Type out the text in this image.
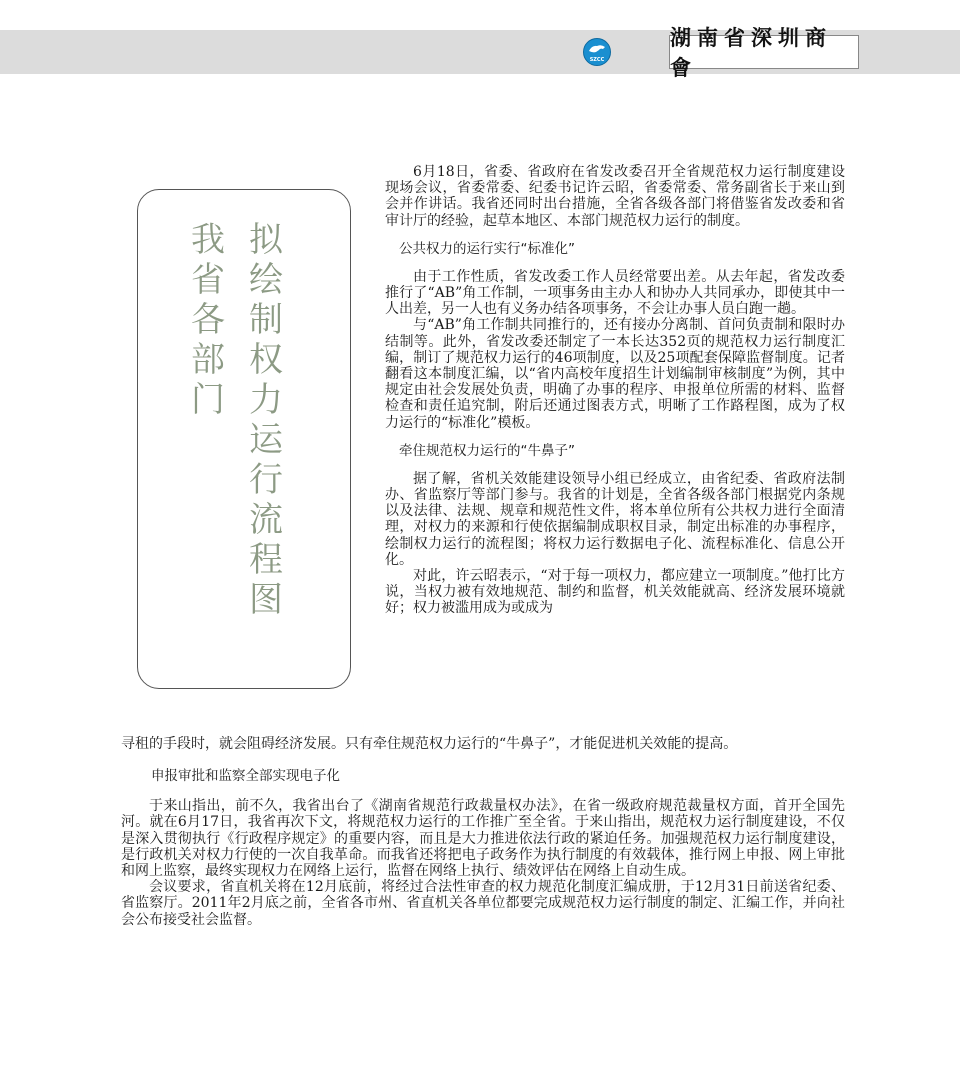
SZCC
湖南省深圳商會
我省各部门
拟绘制权力运行流程图

6月18日，省委、省政府在省发改委召开全省规范权力运行制度建设现场会议，省委常委、纪委书记许云昭，省委常委、常务副省长于来山到会并作讲话。我省还同时出台措施，全省各级各部门将借鉴省发改委和省审计厅的经验，起草本地区、本部门规范权力运行的制度。

公共权力的运行实行“标准化”

由于工作性质，省发改委工作人员经常要出差。从去年起，省发改委推行了“AB”角工作制，一项事务由主办人和协办人共同承办，即使其中一人出差，另一人也有义务办结各项事务，不会让办事人员白跑一趟。

与“AB”角工作制共同推行的，还有接办分离制、首问负责制和限时办结制等。此外，省发改委还制定了一本长达352页的规范权力运行制度汇编，制订了规范权力运行的46项制度，以及25项配套保障监督制度。记者翻看这本制度汇编，以“省内高校年度招生计划编制审核制度”为例，其中规定由社会发展处负责，明确了办事的程序、申报单位所需的材料、监督检查和责任追究制，附后还通过图表方式，明晰了工作路程图，成为了权力运行的“标准化”模板。

牵住规范权力运行的“牛鼻子”

据了解，省机关效能建设领导小组已经成立，由省纪委、省政府法制办、省监察厅等部门参与。我省的计划是，全省各级各部门根据党内条规以及法律、法规、规章和规范性文件，将本单位所有公共权力进行全面清理，对权力的来源和行使依据编制成职权目录，制定出标准的办事程序，绘制权力运行的流程图；将权力运行数据电子化、流程标准化、信息公开化。

对此，许云昭表示，“对于每一项权力，都应建立一项制度。”他打比方说，当权力被有效地规范、制约和监督，机关效能就高、经济发展环境就好；权力被滥用成为或成为

寻租的手段时，就会阻碍经济发展。只有牵住规范权力运行的“牛鼻子”，才能促进机关效能的提高。

申报审批和监察全部实现电子化

于来山指出，前不久，我省出台了《湖南省规范行政裁量权办法》，在省一级政府规范裁量权方面，首开全国先河。就在6月17日，我省再次下文，将规范权力运行的工作推广至全省。于来山指出，规范权力运行制度建设，不仅是深入贯彻执行《行政程序规定》的重要内容，而且是大力推进依法行政的紧迫任务。加强规范权力运行制度建设，是行政机关对权力行使的一次自我革命。而我省还将把电子政务作为执行制度的有效载体，推行网上申报、网上审批和网上监察，最终实现权力在网络上运行，监督在网络上执行、绩效评估在网络上自动生成。

会议要求，省直机关将在12月底前，将经过合法性审查的权力规范化制度汇编成册，于12月31日前送省纪委、省监察厅。2011年2月底之前，全省各市州、省直机关各单位都要完成规范权力运行制度的制定、汇编工作，并向社会公布接受社会监督。
